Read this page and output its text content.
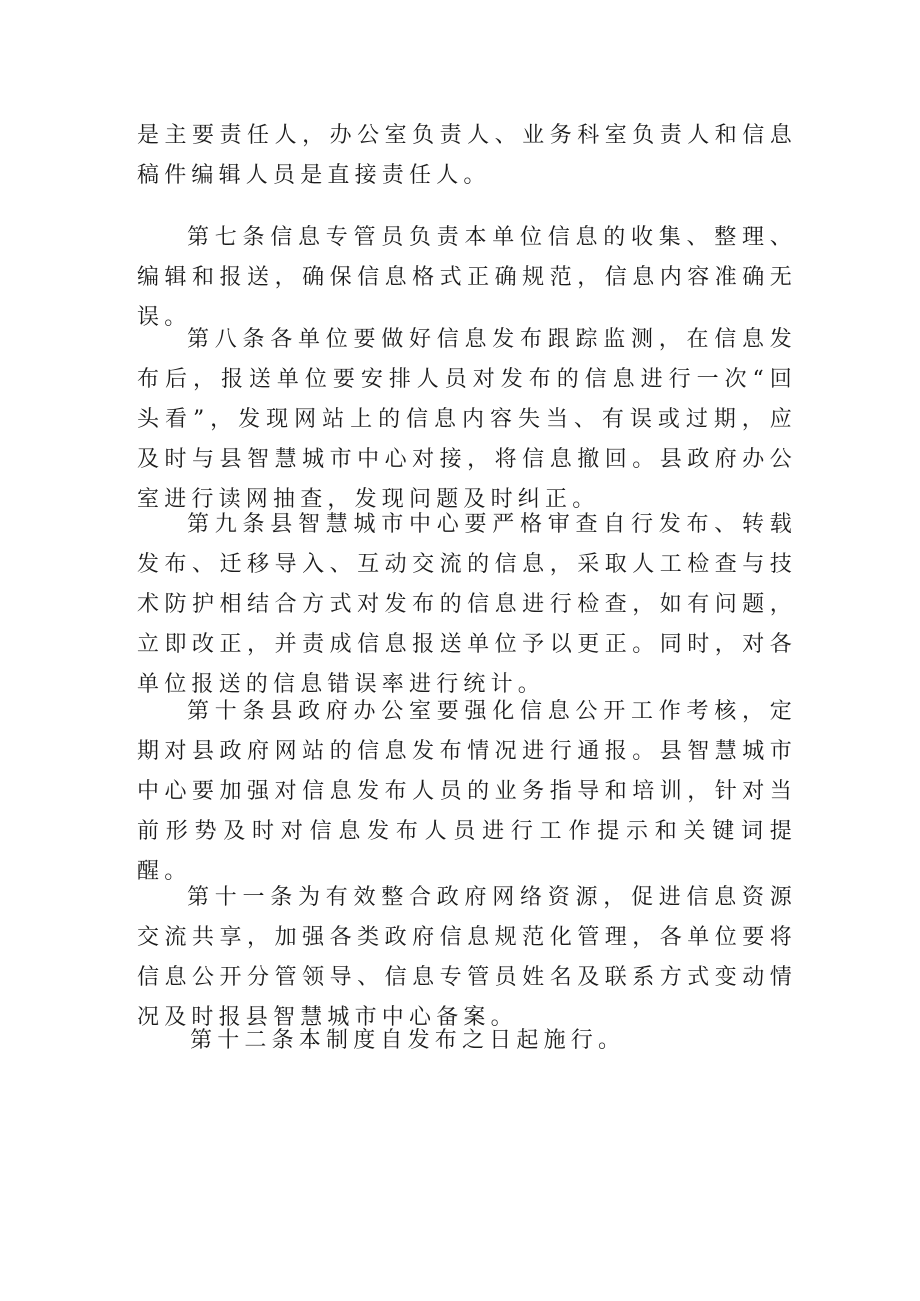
是主要责任人，办公室负责人、业务科室负责人和信息稿件编辑人员是直接责任人。

第七条信息专管员负责本单位信息的收集、整理、编辑和报送，确保信息格式正确规范，信息内容准确无误。

第八条各单位要做好信息发布跟踪监测，在信息发布后，报送单位要安排人员对发布的信息进行一次“回头看”，发现网站上的信息内容失当、有误或过期，应及时与县智慧城市中心对接，将信息撤回。县政府办公室进行读网抽查，发现问题及时纠正。

第九条县智慧城市中心要严格审查自行发布、转载发布、迁移导入、互动交流的信息，采取人工检查与技术防护相结合方式对发布的信息进行检查，如有问题，立即改正，并责成信息报送单位予以更正。同时，对各单位报送的信息错误率进行统计。

第十条县政府办公室要强化信息公开工作考核，定期对县政府网站的信息发布情况进行通报。县智慧城市中心要加强对信息发布人员的业务指导和培训，针对当前形势及时对信息发布人员进行工作提示和关键词提醒。

第十一条为有效整合政府网络资源，促进信息资源交流共享，加强各类政府信息规范化管理，各单位要将信息公开分管领导、信息专管员姓名及联系方式变动情况及时报县智慧城市中心备案。

第十二条本制度自发布之日起施行。
